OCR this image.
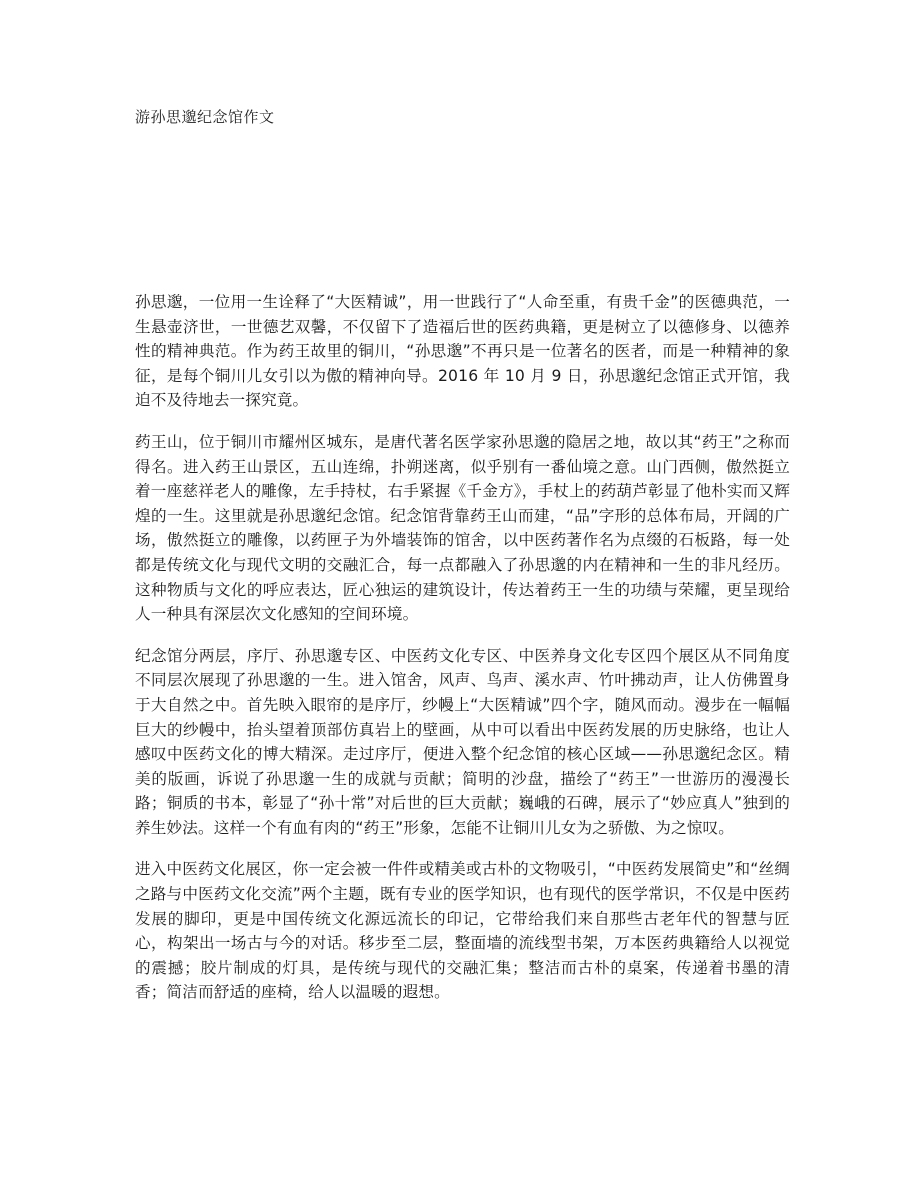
游孙思邈纪念馆作文

孙思邈，一位用一生诠释了“大医精诚”，用一世践行了“人命至重，有贵千金”的医德典范，一生悬壶济世，一世德艺双馨，不仅留下了造福后世的医药典籍，更是树立了以德修身、以德养性的精神典范。作为药王故里的铜川，“孙思邈”不再只是一位著名的医者，而是一种精神的象征，是每个铜川儿女引以为傲的精神向导。2016 年 10 月 9 日，孙思邈纪念馆正式开馆，我迫不及待地去一探究竟。

药王山，位于铜川市耀州区城东，是唐代著名医学家孙思邈的隐居之地，故以其“药王”之称而得名。进入药王山景区，五山连绵，扑朔迷离，似乎别有一番仙境之意。山门西侧，傲然挺立着一座慈祥老人的雕像，左手持杖，右手紧握《千金方》，手杖上的药葫芦彰显了他朴实而又辉煌的一生。这里就是孙思邈纪念馆。纪念馆背靠药王山而建，“品”字形的总体布局，开阔的广场，傲然挺立的雕像，以药匣子为外墙装饰的馆舍，以中医药著作名为点缀的石板路，每一处都是传统文化与现代文明的交融汇合，每一点都融入了孙思邈的内在精神和一生的非凡经历。这种物质与文化的呼应表达，匠心独运的建筑设计，传达着药王一生的功绩与荣耀，更呈现给人一种具有深层次文化感知的空间环境。

纪念馆分两层，序厅、孙思邈专区、中医药文化专区、中医养身文化专区四个展区从不同角度不同层次展现了孙思邈的一生。进入馆舍，风声、鸟声、溪水声、竹叶拂动声，让人仿佛置身于大自然之中。首先映入眼帘的是序厅，纱幔上“大医精诚”四个字，随风而动。漫步在一幅幅巨大的纱幔中，抬头望着顶部仿真岩上的壁画，从中可以看出中医药发展的历史脉络，也让人感叹中医药文化的博大精深。走过序厅，便进入整个纪念馆的核心区域——孙思邈纪念区。精美的版画，诉说了孙思邈一生的成就与贡献；简明的沙盘，描绘了“药王”一世游历的漫漫长路；铜质的书本，彰显了“孙十常”对后世的巨大贡献；巍峨的石碑，展示了“妙应真人”独到的养生妙法。这样一个有血有肉的“药王”形象，怎能不让铜川儿女为之骄傲、为之惊叹。

进入中医药文化展区，你一定会被一件件或精美或古朴的文物吸引，“中医药发展简史”和“丝绸之路与中医药文化交流”两个主题，既有专业的医学知识，也有现代的医学常识，不仅是中医药发展的脚印，更是中国传统文化源远流长的印记，它带给我们来自那些古老年代的智慧与匠心，构架出一场古与今的对话。移步至二层，整面墙的流线型书架，万本医药典籍给人以视觉的震撼；胶片制成的灯具，是传统与现代的交融汇集；整洁而古朴的桌案，传递着书墨的清香；简洁而舒适的座椅，给人以温暖的遐想。
